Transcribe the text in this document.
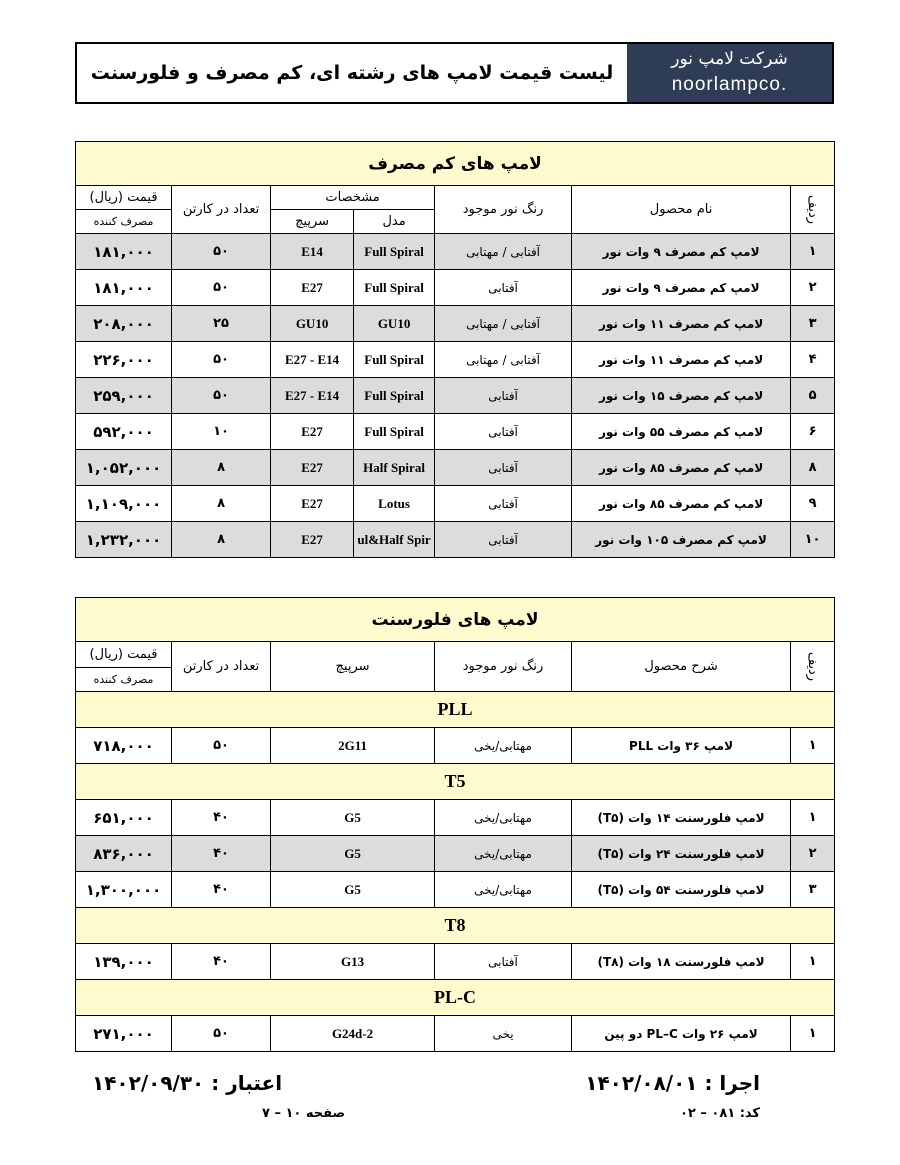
لیست قیمت لامپ های رشته ای، کم مصرف و فلورسنت
شرکت لامپ نور
noorlampco.
لامپ های کم مصرف						
ردیف	نام محصول	رنگ نور موجود	مشخصات		تعداد در کارتن	قیمت (ریال)
			مدل	سرپیچ		مصرف کننده
۱	لامپ کم مصرف ۹ وات نور	آفتابی / مهتابی	Full Spiral	E14	۵۰	۱۸۱,۰۰۰
۲	لامپ کم مصرف ۹ وات نور	آفتابی	Full Spiral	E27	۵۰	۱۸۱,۰۰۰
۳	لامپ کم مصرف ۱۱ وات نور	آفتابی / مهتابی	GU10	GU10	۲۵	۲۰۸,۰۰۰
۴	لامپ کم مصرف ۱۱ وات نور	آفتابی / مهتابی	Full Spiral	E27 - E14	۵۰	۲۲۶,۰۰۰
۵	لامپ کم مصرف ۱۵ وات نور	آفتابی	Full Spiral	E27 - E14	۵۰	۲۵۹,۰۰۰
۶	لامپ کم مصرف ۵۵ وات نور	آفتابی	Full Spiral	E27	۱۰	۵۹۲,۰۰۰
۸	لامپ کم مصرف ۸۵ وات نور	آفتابی	Half Spiral	E27	۸	۱,۰۵۲,۰۰۰
۹	لامپ کم مصرف ۸۵ وات نور	آفتابی	Lotus	E27	۸	۱,۱۰۹,۰۰۰
۱۰	لامپ کم مصرف ۱۰۵ وات نور	آفتابی	ul&Half Spir	E27	۸	۱,۲۳۲,۰۰۰
لامپ های فلورسنت					
ردیف	شرح محصول	رنگ نور موجود	سرپیچ	تعداد در کارتن	قیمت (ریال)
					مصرف کننده
PLL					
۱	لامپ ۳۶ وات PLL	مهتابی/یخی	2G11	۵۰	۷۱۸,۰۰۰
T5					
۱	لامپ فلورسنت ۱۴ وات (T۵)	مهتابی/یخی	G5	۴۰	۶۵۱,۰۰۰
۲	لامپ فلورسنت ۲۴ وات (T۵)	مهتابی/یخی	G5	۴۰	۸۳۶,۰۰۰
۳	لامپ فلورسنت ۵۴ وات (T۵)	مهتابی/یخی	G5	۴۰	۱,۳۰۰,۰۰۰
T8					
۱	لامپ فلورسنت ۱۸ وات (T۸)	آفتابی	G13	۴۰	۱۳۹,۰۰۰
PL-C					
۱	لامپ ۲۶ وات PL–C دو پین	یخی	G24d-2	۵۰	۲۷۱,۰۰۰
اجرا : ۱۴۰۲/۰۸/۰۱
کد: ۰۸۱ – ۰۲
اعتبار : ۱۴۰۲/۰۹/۳۰
صفحه ۱۰ – ۷
